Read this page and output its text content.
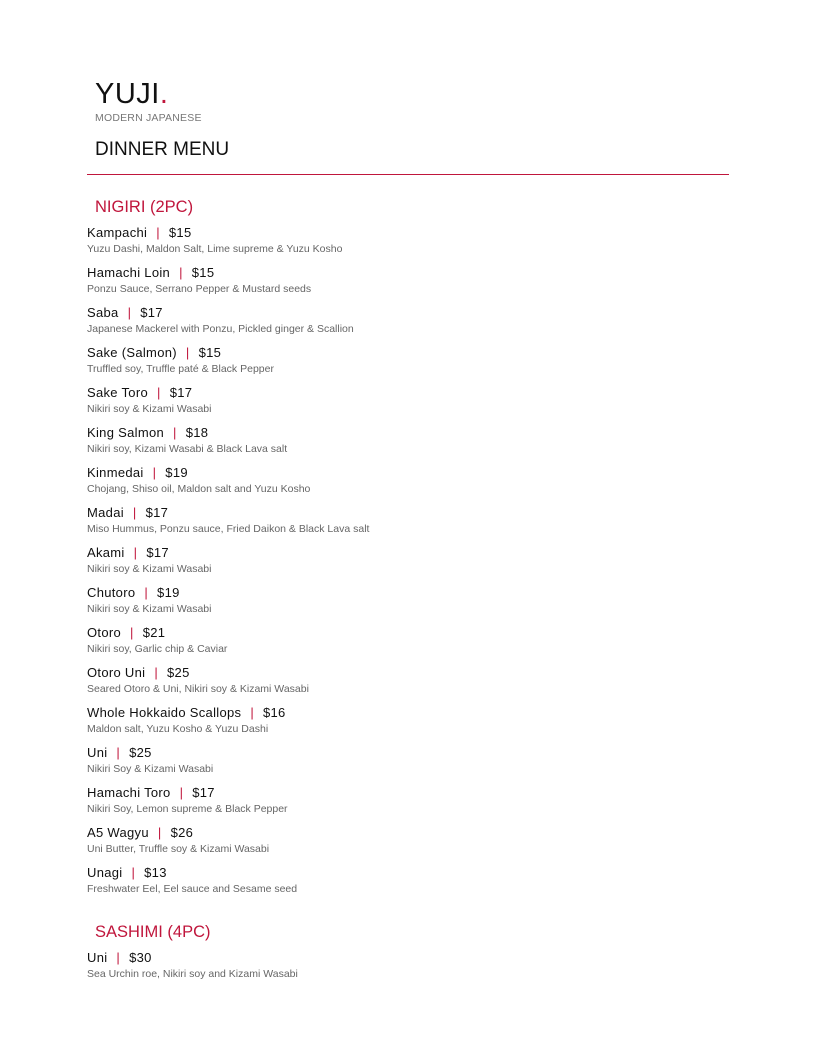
YUJI.
MODERN JAPANESE
DINNER MENU
NIGIRI (2PC)
Kampachi | $15
Yuzu Dashi, Maldon Salt, Lime supreme & Yuzu Kosho
Hamachi Loin | $15
Ponzu Sauce, Serrano Pepper & Mustard seeds
Saba | $17
Japanese Mackerel with Ponzu, Pickled ginger & Scallion
Sake (Salmon) | $15
Truffled soy, Truffle paté & Black Pepper
Sake Toro | $17
Nikiri soy & Kizami Wasabi
King Salmon | $18
Nikiri soy, Kizami Wasabi & Black Lava salt
Kinmedai | $19
Chojang, Shiso oil, Maldon salt and Yuzu Kosho
Madai | $17
Miso Hummus, Ponzu sauce, Fried Daikon & Black Lava salt
Akami | $17
Nikiri soy & Kizami Wasabi
Chutoro | $19
Nikiri soy & Kizami Wasabi
Otoro | $21
Nikiri soy, Garlic chip & Caviar
Otoro Uni | $25
Seared Otoro & Uni, Nikiri soy & Kizami Wasabi
Whole Hokkaido Scallops | $16
Maldon salt, Yuzu Kosho & Yuzu Dashi
Uni | $25
Nikiri Soy & Kizami Wasabi
Hamachi Toro | $17
Nikiri Soy, Lemon supreme & Black Pepper
A5 Wagyu | $26
Uni Butter, Truffle soy & Kizami Wasabi
Unagi | $13
Freshwater Eel, Eel sauce and Sesame seed
SASHIMI (4PC)
Uni | $30
Sea Urchin roe, Nikiri soy and Kizami Wasabi
